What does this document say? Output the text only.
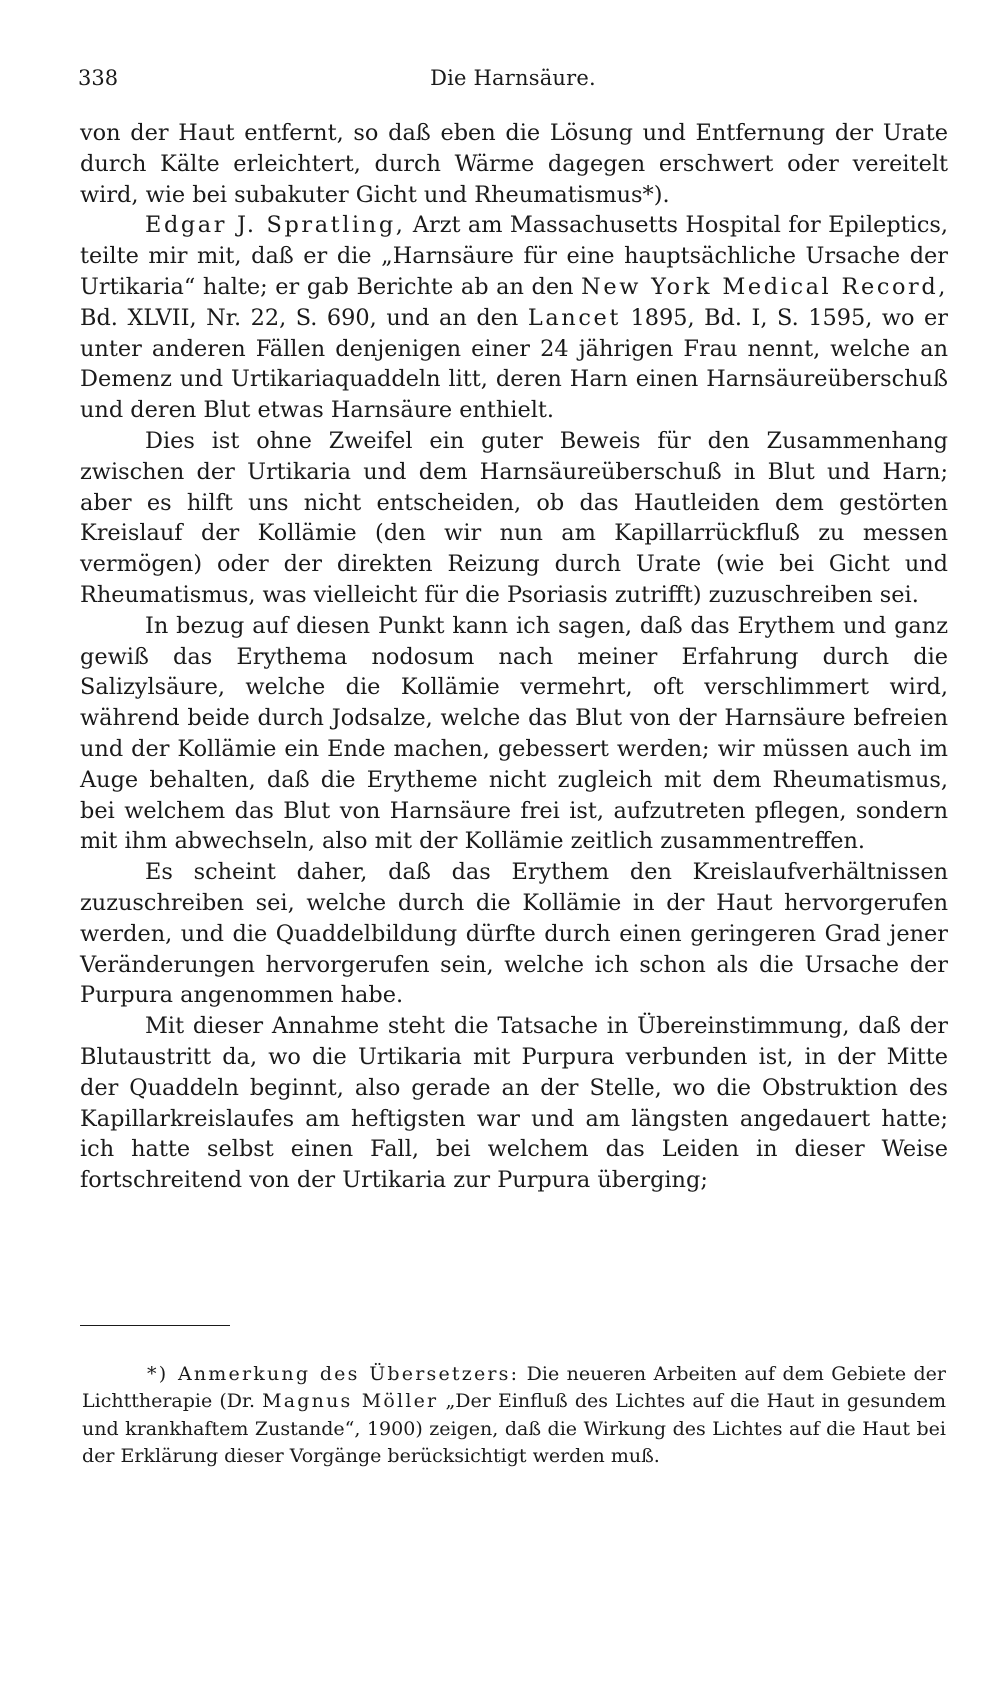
338	Die Harnsäure.

von der Haut entfernt, so daß eben die Lösung und Entfernung der Urate durch Kälte erleichtert, durch Wärme dagegen erschwert oder vereitelt wird, wie bei subakuter Gicht und Rheumatismus*).

Edgar J. Spratling, Arzt am Massachusetts Hospital for Epileptics, teilte mir mit, daß er die „Harnsäure für eine hauptsächliche Ursache der Urtikaria“ halte; er gab Berichte ab an den New York Medical Record, Bd. XLVII, Nr. 22, S. 690, und an den Lancet 1895, Bd. I, S. 1595, wo er unter anderen Fällen denjenigen einer 24 jährigen Frau nennt, welche an Demenz und Urtikariaquaddeln litt, deren Harn einen Harnsäureüberschuß und deren Blut etwas Harnsäure enthielt.

Dies ist ohne Zweifel ein guter Beweis für den Zusammenhang zwischen der Urtikaria und dem Harnsäureüberschuß in Blut und Harn; aber es hilft uns nicht entscheiden, ob das Hautleiden dem gestörten Kreislauf der Kollämie (den wir nun am Kapillarrückfluß zu messen vermögen) oder der direkten Reizung durch Urate (wie bei Gicht und Rheumatismus, was vielleicht für die Psoriasis zutrifft) zuzuschreiben sei.

In bezug auf diesen Punkt kann ich sagen, daß das Erythem und ganz gewiß das Erythema nodosum nach meiner Erfahrung durch die Salizylsäure, welche die Kollämie vermehrt, oft verschlimmert wird, während beide durch Jodsalze, welche das Blut von der Harnsäure befreien und der Kollämie ein Ende machen, gebessert werden; wir müssen auch im Auge behalten, daß die Erytheme nicht zugleich mit dem Rheumatismus, bei welchem das Blut von Harnsäure frei ist, aufzutreten pflegen, sondern mit ihm abwechseln, also mit der Kollämie zeitlich zusammentreffen.

Es scheint daher, daß das Erythem den Kreislaufverhältnissen zuzuschreiben sei, welche durch die Kollämie in der Haut hervorgerufen werden, und die Quaddelbildung dürfte durch einen geringeren Grad jener Veränderungen hervorgerufen sein, welche ich schon als die Ursache der Purpura angenommen habe.

Mit dieser Annahme steht die Tatsache in Übereinstimmung, daß der Blutaustritt da, wo die Urtikaria mit Purpura verbunden ist, in der Mitte der Quaddeln beginnt, also gerade an der Stelle, wo die Obstruktion des Kapillarkreislaufes am heftigsten war und am längsten angedauert hatte; ich hatte selbst einen Fall, bei welchem das Leiden in dieser Weise fortschreitend von der Urtikaria zur Purpura überging;

*) Anmerkung des Übersetzers: Die neueren Arbeiten auf dem Gebiete der Lichttherapie (Dr. Magnus Möller „Der Einfluß des Lichtes auf die Haut in gesundem und krankhaftem Zustande“, 1900) zeigen, daß die Wirkung des Lichtes auf die Haut bei der Erklärung dieser Vorgänge berücksichtigt werden muß.
